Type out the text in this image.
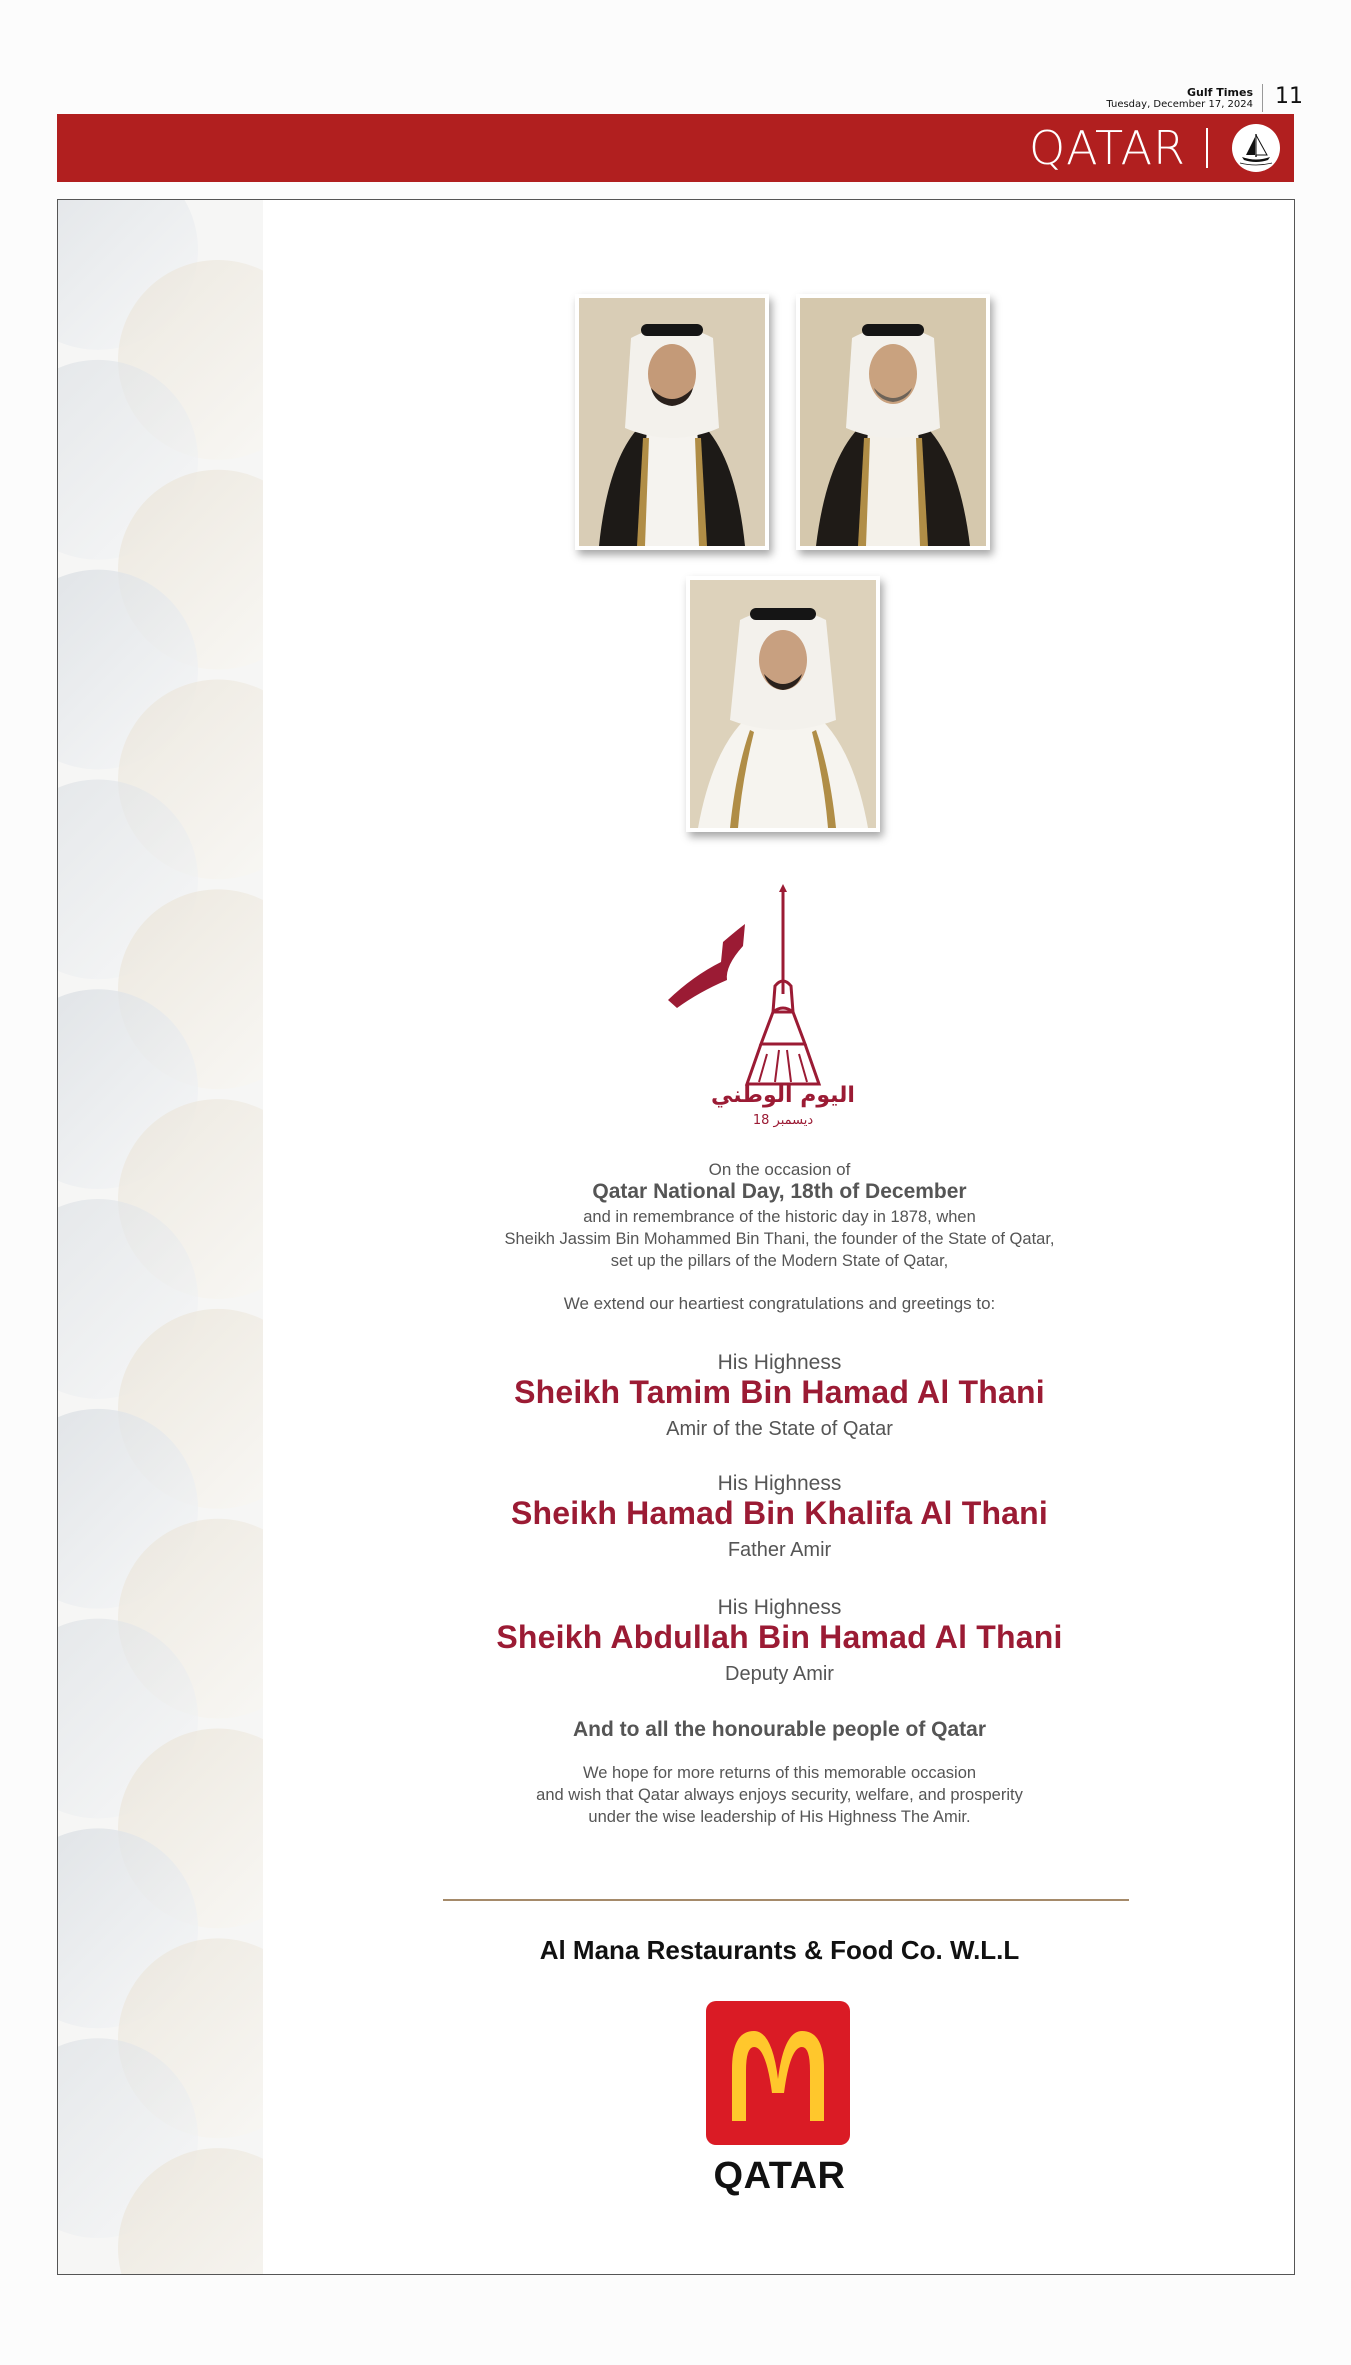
Gulf Times
Tuesday, December 17, 2024 11
QATAR
اليوم الوطني
18 ديسمبر
On the occasion of
Qatar National Day, 18th of December
and in remembrance of the historic day in 1878, when
Sheikh Jassim Bin Mohammed Bin Thani, the founder of the State of Qatar,
set up the pillars of the Modern State of Qatar,
We extend our heartiest congratulations and greetings to:
His Highness
Sheikh Tamim Bin Hamad Al Thani
Amir of the State of Qatar
His Highness
Sheikh Hamad Bin Khalifa Al Thani
Father Amir
His Highness
Sheikh Abdullah Bin Hamad Al Thani
Deputy Amir
And to all the honourable people of Qatar
We hope for more returns of this memorable occasion
and wish that Qatar always enjoys security, welfare, and prosperity
under the wise leadership of His Highness The Amir.
Al Mana Restaurants & Food Co. W.L.L
QATAR
